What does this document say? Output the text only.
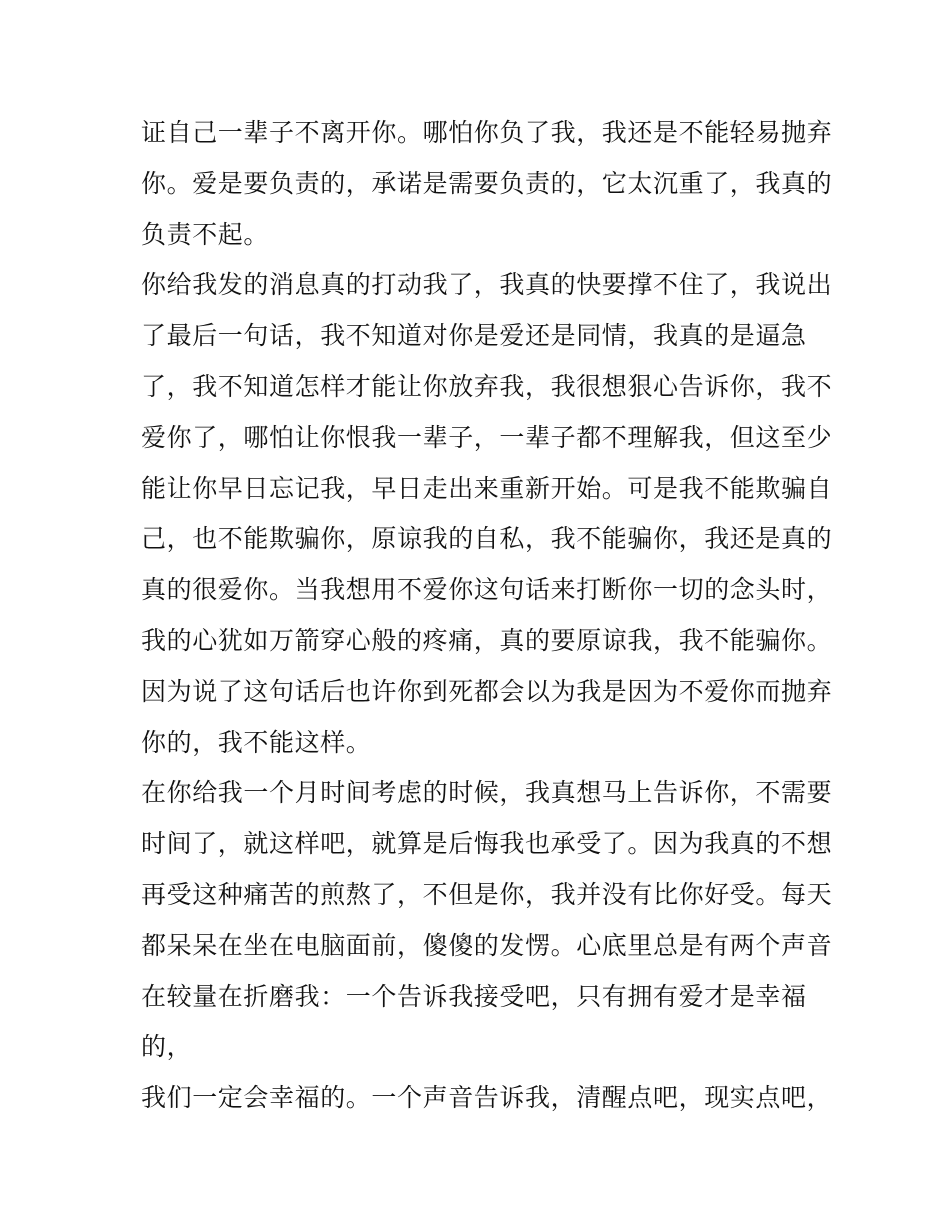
证自己一辈子不离开你。哪怕你负了我，我还是不能轻易抛弃
你。爱是要负责的，承诺是需要负责的，它太沉重了，我真的
负责不起。
你给我发的消息真的打动我了，我真的快要撑不住了，我说出
了最后一句话，我不知道对你是爱还是同情，我真的是逼急
了，我不知道怎样才能让你放弃我，我很想狠心告诉你，我不
爱你了，哪怕让你恨我一辈子，一辈子都不理解我，但这至少
能让你早日忘记我，早日走出来重新开始。可是我不能欺骗自
己，也不能欺骗你，原谅我的自私，我不能骗你，我还是真的
真的很爱你。当我想用不爱你这句话来打断你一切的念头时，
我的心犹如万箭穿心般的疼痛，真的要原谅我，我不能骗你。
因为说了这句话后也许你到死都会以为我是因为不爱你而抛弃
你的，我不能这样。
在你给我一个月时间考虑的时候，我真想马上告诉你，不需要
时间了，就这样吧，就算是后悔我也承受了。因为我真的不想
再受这种痛苦的煎熬了，不但是你，我并没有比你好受。每天
都呆呆在坐在电脑面前，傻傻的发愣。心底里总是有两个声音
在较量在折磨我：一个告诉我接受吧，只有拥有爱才是幸福
的，
我们一定会幸福的。一个声音告诉我，清醒点吧，现实点吧，
